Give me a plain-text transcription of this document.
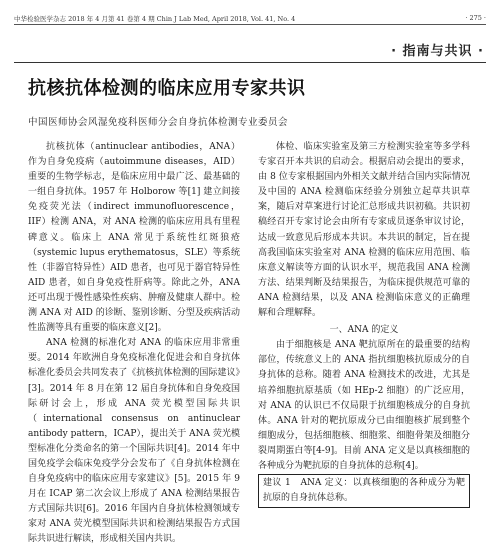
中华检验医学杂志 2018 年 4 月第 41 卷第 4 期 Chin J Lab Med, April 2018, Vol. 41, No. 4	· 275 ·
· 指南与共识 ·
抗核抗体检测的临床应用专家共识
中国医师协会风湿免疫科医师分会自身抗体检测专业委员会

抗核抗体（antinuclear antibodies，ANA）作为自身免疫病（autoimmune diseases，AID）重要的生物学标志，是临床应用中最广泛、最基础的一组自身抗体。1957 年 Holborow 等[1] 建立间接免疫荧光法（indirect immunofluorescence，IIF）检测 ANA，对 ANA 检测的临床应用具有里程碑意义。临床上 ANA 常见于系统性红斑狼疮（systemic lupus erythematosus，SLE）等系统性（非器官特异性）AID 患者，也可见于器官特异性 AID 患者，如自身免疫性肝病等。除此之外，ANA 还可出现于慢性感染性疾病、肿瘤及健康人群中。检测 ANA 对 AID 的诊断、鉴别诊断、分型及疾病活动性监测等具有重要的临床意义[2]。

ANA 检测的标准化对 ANA 的临床应用非常重要。2014 年欧洲自身免疫标准化促进会和自身抗体标准化委员会共同发表了《抗核抗体检测的国际建议》[3]。2014 年 8 月在第 12 届自身抗体和自身免疫国际研讨会上，形成 ANA 荧光模型国际共识（international consensus on antinuclear antibody pattern，ICAP），提出关于 ANA 荧光模型标准化分类命名的第一个国际共识[4]。2014 年中国免疫学会临床免疫学分会发布了《自身抗体检测在自身免疫病中的临床应用专家建议》[5]。2015 年 9 月在 ICAP 第二次会议上形成了 ANA 检测结果报告方式国际共识[6]。2016 年国内自身抗体检测领域专家对 ANA 荧光模型国际共识和检测结果报告方式国际共识进行解读，形成相关国内共识。

体检、临床实验室及第三方检测实验室等多学科专家召开本共识的启动会。根据启动会提出的要求，由 8 位专家根据国内外相关文献并结合国内实际情况及中国的 ANA 检测临床经验分别独立起草共识草案，随后对草案进行讨论汇总形成共识初稿。共识初稿经召开专家讨论会由所有专家成员逐条审议讨论，达成一致意见后形成本共识。本共识的制定，旨在提高我国临床实验室对 ANA 检测的临床应用范围、临床意义解读等方面的认识水平，规范我国 ANA 检测方法、结果判断及结果报告，为临床提供规范可靠的 ANA 检测结果，以及 ANA 检测临床意义的正确理解和合理解释。

一、ANA 的定义

由于细胞核是 ANA 靶抗原所在的最重要的结构部位，传统意义上的 ANA 指抗细胞核抗原成分的自身抗体的总称。随着 ANA 检测技术的改进，尤其是培养细胞抗原基质（如 HEp-2 细胞）的广泛应用，对 ANA 的认识已不仅局限于抗细胞核成分的自身抗体。ANA 针对的靶抗原成分已由细胞核扩展到整个细胞成分，包括细胞核、细胞浆、细胞骨架及细胞分裂周期蛋白等[4-9]。目前 ANA 定义是以真核细胞的各种成分为靶抗原的自身抗体的总称[4]。

建议 1　ANA 定义：以真核细胞的各种成分为靶抗原的自身抗体总称。
